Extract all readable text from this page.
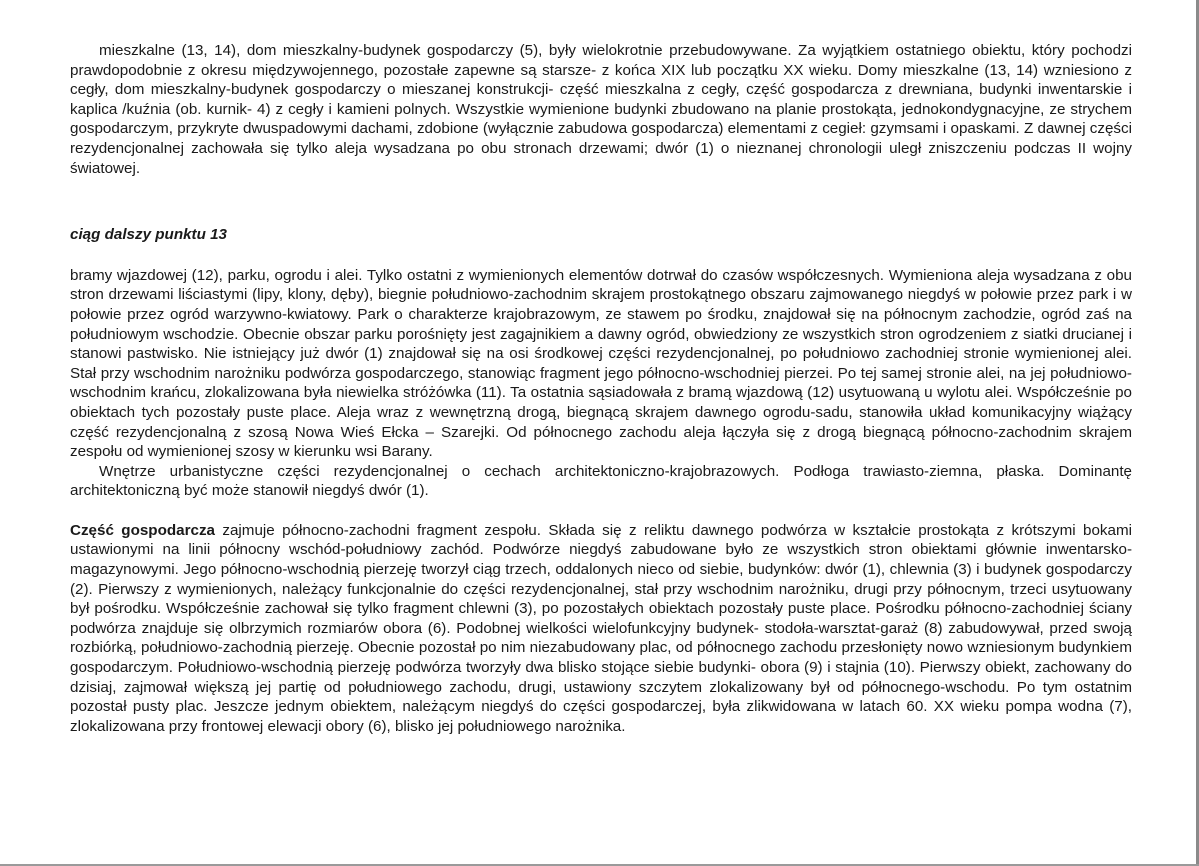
mieszkalne (13, 14), dom mieszkalny-budynek gospodarczy (5), były wielokrotnie przebudowywane. Za wyjątkiem ostatniego obiektu, który pochodzi prawdopodobnie z okresu międzywojennego, pozostałe zapewne są starsze- z końca XIX lub początku XX wieku. Domy mieszkalne (13, 14) wzniesiono z cegły, dom mieszkalny-budynek gospodarczy o mieszanej konstrukcji- część mieszkalna z cegły, część gospodarcza z drewniana, budynki inwentarskie i kaplica /kuźnia (ob. kurnik- 4) z cegły i kamieni polnych. Wszystkie wymienione budynki zbudowano na planie prostokąta, jednokondygnacyjne, ze strychem gospodarczym, przykryte dwuspadowymi dachami, zdobione (wyłącznie zabudowa gospodarcza) elementami z cegieł: gzymsami i opaskami. Z dawnej części rezydencjonalnej zachowała się tylko aleja wysadzana po obu stronach drzewami; dwór (1) o nieznanej chronologii uległ zniszczeniu podczas II wojny światowej.

ciąg dalszy punktu 13

bramy wjazdowej (12), parku, ogrodu i alei. Tylko ostatni z wymienionych elementów dotrwał do czasów współczesnych. Wymieniona aleja wysadzana z obu stron drzewami liściastymi (lipy, klony, dęby), biegnie południowo-zachodnim skrajem prostokątnego obszaru zajmowanego niegdyś w połowie przez park i w połowie przez ogród warzywno-kwiatowy. Park o charakterze krajobrazowym, ze stawem po środku, znajdował się na północnym zachodzie, ogród zaś na południowym wschodzie. Obecnie obszar parku porośnięty jest zagajnikiem a dawny ogród, obwiedziony ze wszystkich stron ogrodzeniem z siatki drucianej i stanowi pastwisko. Nie istniejący już dwór (1) znajdował się na osi środkowej części rezydencjonalnej, po południowo zachodniej stronie wymienionej alei. Stał przy wschodnim narożniku podwórza gospodarczego, stanowiąc fragment jego północno-wschodniej pierzei. Po tej samej stronie alei, na jej południowo-wschodnim krańcu, zlokalizowana była niewielka stróżówka (11). Ta ostatnia sąsiadowała z bramą wjazdową (12) usytuowaną u wylotu alei. Współcześnie po obiektach tych pozostały puste place. Aleja wraz z wewnętrzną drogą, biegnącą skrajem dawnego ogrodu-sadu, stanowiła układ komunikacyjny wiążący część rezydencjonalną z szosą Nowa Wieś Ełcka – Szarejki. Od północnego zachodu aleja łączyła się z drogą biegnącą północno-zachodnim skrajem zespołu od wymienionej szosy w kierunku wsi Barany.

Wnętrze urbanistyczne części rezydencjonalnej o cechach architektoniczno-krajobrazowych. Podłoga trawiasto-ziemna, płaska. Dominantę architektoniczną być może stanowił niegdyś dwór (1).

Część gospodarcza zajmuje północno-zachodni fragment zespołu. Składa się z reliktu dawnego podwórza w kształcie prostokąta z krótszymi bokami ustawionymi na linii północny wschód-południowy zachód. Podwórze niegdyś zabudowane było ze wszystkich stron obiektami głównie inwentarsko-magazynowymi. Jego północno-wschodnią pierzeję tworzył ciąg trzech, oddalonych nieco od siebie, budynków: dwór (1), chlewnia (3) i budynek gospodarczy (2). Pierwszy z wymienionych, należący funkcjonalnie do części rezydencjonalnej, stał przy wschodnim narożniku, drugi przy północnym, trzeci usytuowany był pośrodku. Współcześnie zachował się tylko fragment chlewni (3), po pozostałych obiektach pozostały puste place. Pośrodku północno-zachodniej ściany podwórza znajduje się olbrzymich rozmiarów obora (6). Podobnej wielkości wielofunkcyjny budynek- stodoła-warsztat-garaż (8) zabudowywał, przed swoją rozbiórką, południowo-zachodnią pierzeję. Obecnie pozostał po nim niezabudowany plac, od północnego zachodu przesłonięty nowo wzniesionym budynkiem gospodarczym. Południowo-wschodnią pierzeję podwórza tworzyły dwa blisko stojące siebie budynki- obora (9) i stajnia (10). Pierwszy obiekt, zachowany do dzisiaj, zajmował większą jej partię od południowego zachodu, drugi, ustawiony szczytem zlokalizowany był od północnego-wschodu. Po tym ostatnim pozostał pusty plac. Jeszcze jednym obiektem, należącym niegdyś do części gospodarczej, była zlikwidowana w latach 60. XX wieku pompa wodna (7), zlokalizowana przy frontowej elewacji obory (6), blisko jej południowego narożnika.
